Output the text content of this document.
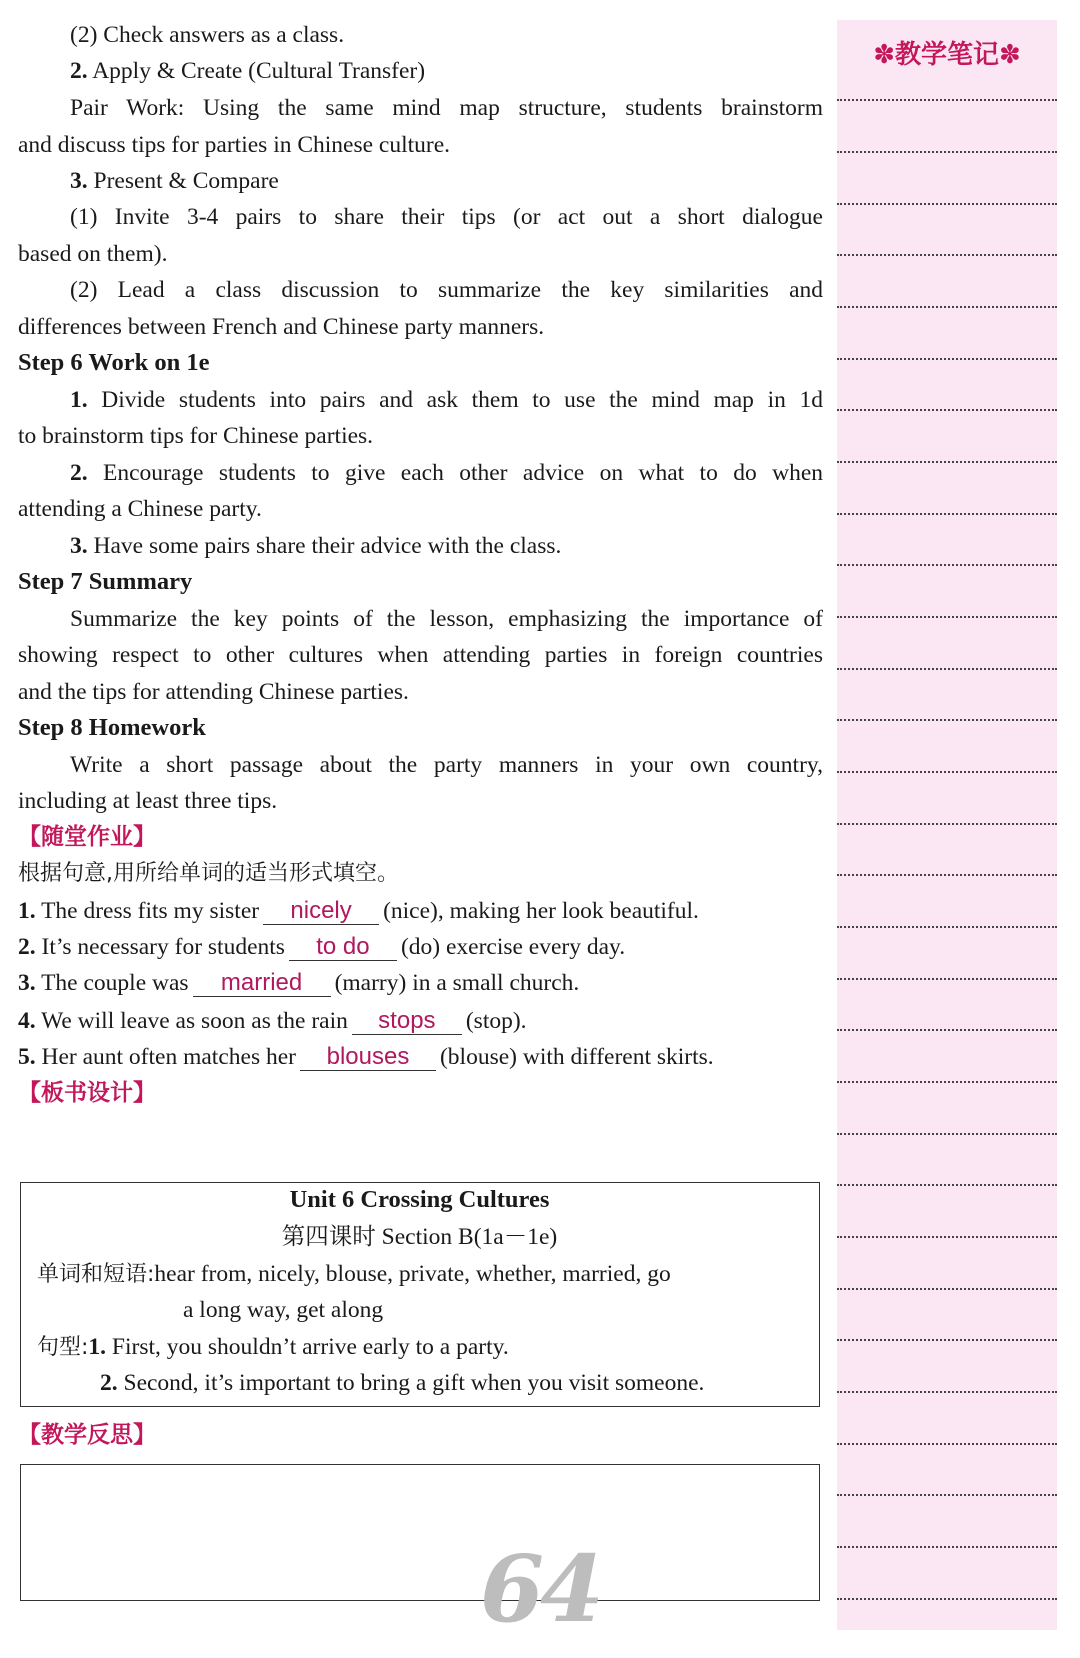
(2) Check answers as a class.
2. Apply & Create (Cultural Transfer)
Pair Work: Using the same mind map structure, students brainstorm
and discuss tips for parties in Chinese culture.
3. Present & Compare
(1) Invite 3-4 pairs to share their tips (or act out a short dialogue
based on them).
(2) Lead a class discussion to summarize the key similarities and
differences between French and Chinese party manners.
Step 6 Work on 1e
1. Divide students into pairs and ask them to use the mind map in 1d
to brainstorm tips for Chinese parties.
2. Encourage students to give each other advice on what to do when
attending a Chinese party.
3. Have some pairs share their advice with the class.
Step 7 Summary
Summarize the key points of the lesson, emphasizing the importance of
showing respect to other cultures when attending parties in foreign countries
and the tips for attending Chinese parties.
Step 8 Homework
Write a short passage about the party manners in your own country,
including at least three tips.
【随堂作业】
根据句意,用所给单词的适当形式填空。
1. The dress fits my sister nicely (nice), making her look beautiful.
2. It’s necessary for students to do (do) exercise every day.
3. The couple was married (marry) in a small church.
4. We will leave as soon as the rain stops (stop).
5. Her aunt often matches her blouses (blouse) with different skirts.
【板书设计】
Unit 6 Crossing Cultures
第四课时 Section B(1a－1e)
单词和短语:hear from, nicely, blouse, private, whether, married, go
a long way, get along
句型:1. First, you shouldn’t arrive early to a party.
2. Second, it’s important to bring a gift when you visit someone.
【教学反思】
64
✽教学笔记✽
